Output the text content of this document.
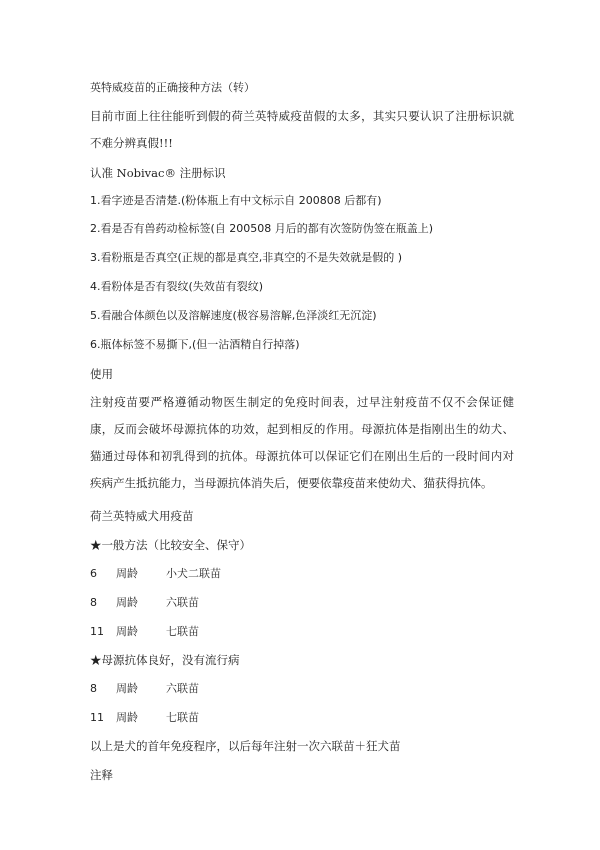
英特威疫苗的正确接种方法（转）
目前市面上往往能听到假的荷兰英特威疫苗假的太多，其实只要认识了注册标识就不难分辨真假!!!
认准 Nobivac® 注册标识
1.看字迹是否清楚.(粉体瓶上有中文标示自 200808 后都有)
2.看是否有兽药动检标签(自 200508 月后的都有次签防伪签在瓶盖上)
3.看粉瓶是否真空(正规的都是真空,非真空的不是失效就是假的 )
4.看粉体是否有裂纹(失效苗有裂纹)
5.看融合体颜色以及溶解速度(极容易溶解,色泽淡红无沉淀)
6.瓶体标签不易撕下,(但一沾酒精自行掉落)
使用
注射疫苗要严格遵循动物医生制定的免疫时间表，过早注射疫苗不仅不会保证健康，反而会破坏母源抗体的功效，起到相反的作用。母源抗体是指刚出生的幼犬、猫通过母体和初乳得到的抗体。母源抗体可以保证它们在刚出生后的一段时间内对疾病产生抵抗能力，当母源抗体消失后，便要依靠疫苗来使幼犬、猫获得抗体。
荷兰英特威犬用疫苗
★一般方法（比较安全、保守）
6 周龄	小犬二联苗
8 周龄	六联苗
11 周龄	七联苗
★母源抗体良好，没有流行病
8 周龄	六联苗
11 周龄	七联苗
以上是犬的首年免疫程序，以后每年注射一次六联苗＋狂犬苗
注释
